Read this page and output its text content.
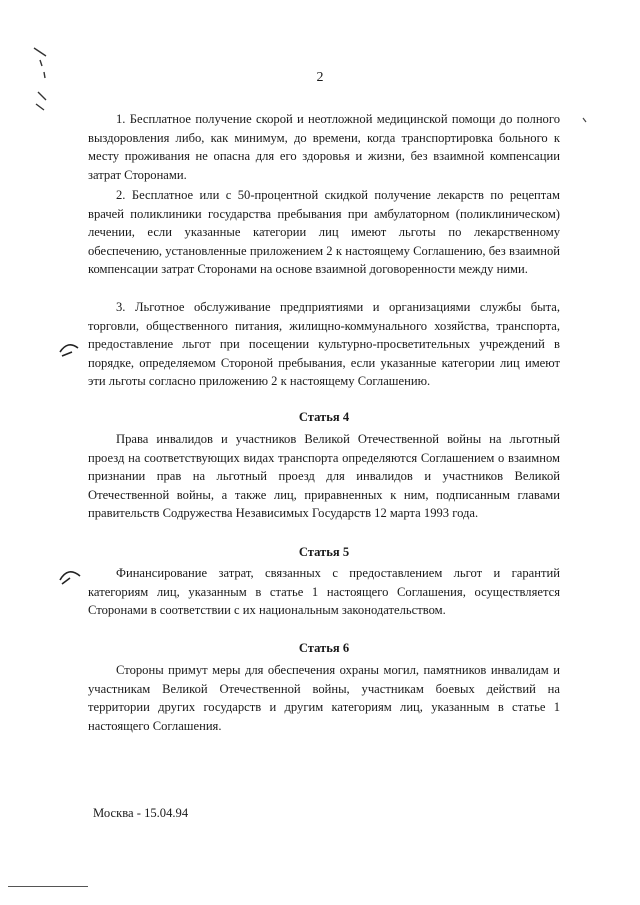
2

1. Бесплатное получение скорой и неотложной медицинской помощи до полного выздоровления либо, как минимум, до времени, когда транспортировка больного к месту проживания не опасна для его здоровья и жизни, без взаимной компенсации затрат Сторонами.

2. Бесплатное или с 50-процентной скидкой получение лекарств по рецептам врачей поликлиники государства пребывания при амбулаторном (поликлиническом) лечении, если указанные категории лиц имеют льготы по лекарственному обеспечению, установленные приложением 2 к настоящему Соглашению, без взаимной компенсации затрат Сторонами на основе взаимной договоренности между ними.

3. Льготное обслуживание предприятиями и организациями службы быта, торговли, общественного питания, жилищно-коммунального хозяйства, транспорта, предоставление льгот при посещении культурно-просветительных учреждений в порядке, определяемом Стороной пребывания, если указанные категории лиц имеют эти льготы согласно приложению 2 к настоящему Соглашению.

Статья 4

Права инвалидов и участников Великой Отечественной войны на льготный проезд на соответствующих видах транспорта определяются Соглашением о взаимном признании прав на льготный проезд для инвалидов и участников Великой Отечественной войны, а также лиц, приравненных к ним, подписанным главами правительств Содружества Независимых Государств 12 марта 1993 года.

Статья 5

Финансирование затрат, связанных с предоставлением льгот и гарантий категориям лиц, указанным в статье 1 настоящего Соглашения, осуществляется Сторонами в соответствии с их национальным законодательством.

Статья 6

Стороны примут меры для обеспечения охраны могил, памятников инвалидам и участникам Великой Отечественной войны, участникам боевых действий на территории других государств и другим категориям лиц, указанным в статье 1 настоящего Соглашения.

Москва - 15.04.94
